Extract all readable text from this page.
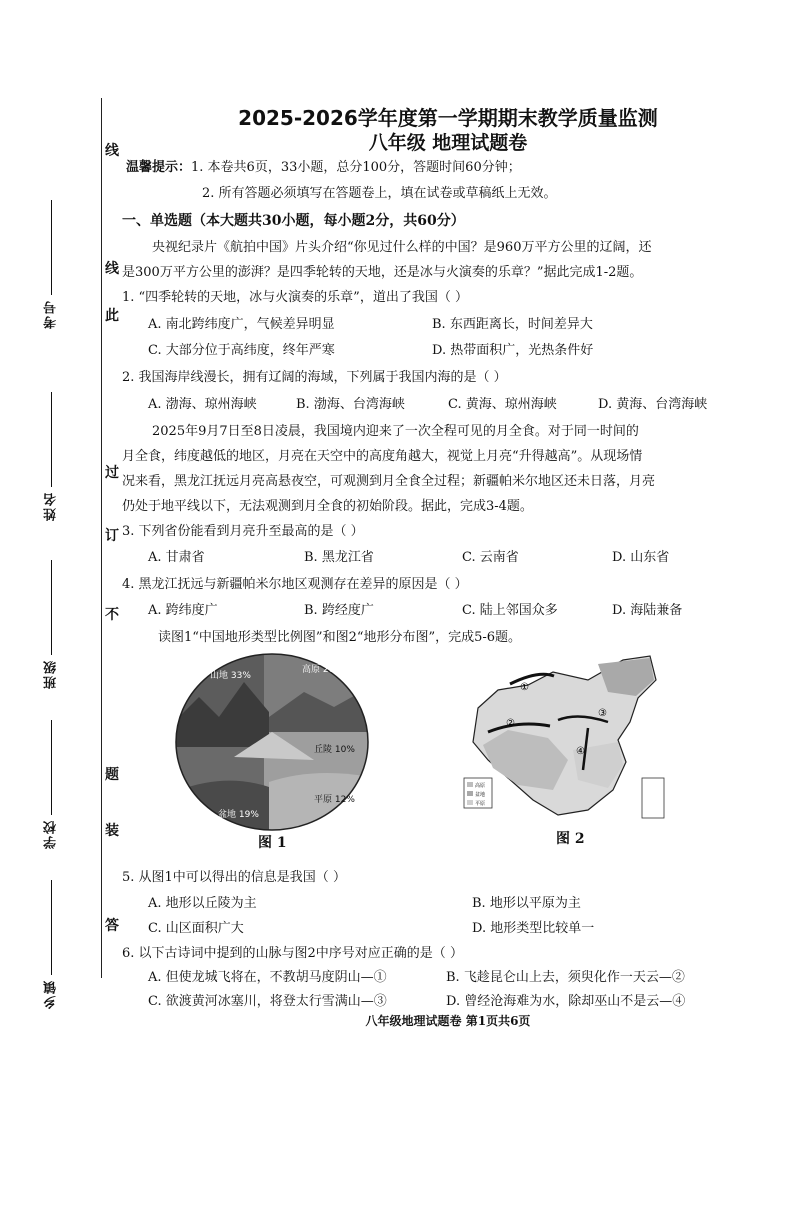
考号
姓名
班级
学校
乡镇
线
线
此
过
订
不
题
装
答
2025-2026学年度第一学期期末教学质量监测
八年级 地理试题卷
温馨提示：1. 本卷共6页，33小题，总分100分，答题时间60分钟；
2. 所有答题必须填写在答题卷上，填在试卷或草稿纸上无效。
一、单选题（本大题共30小题，每小题2分，共60分）
央视纪录片《航拍中国》片头介绍“你见过什么样的中国？是960万平方公里的辽阔，还
是300万平方公里的澎湃？是四季轮转的天地，还是冰与火演奏的乐章？”据此完成1-2题。
1. “四季轮转的天地，冰与火演奏的乐章”，道出了我国（ ）
A. 南北跨纬度广，气候差异明显	B. 东西距离长，时间差异大
C. 大部分位于高纬度，终年严寒	D. 热带面积广，光热条件好
2. 我国海岸线漫长，拥有辽阔的海域，下列属于我国内海的是（ ）
A. 渤海、琼州海峡	B. 渤海、台湾海峡	C. 黄海、琼州海峡	D. 黄海、台湾海峡
2025年9月7日至8日凌晨，我国境内迎来了一次全程可见的月全食。对于同一时间的
月全食，纬度越低的地区，月亮在天空中的高度角越大，视觉上月亮“升得越高”。从现场情
况来看，黑龙江抚远月亮高悬夜空，可观测到月全食全过程；新疆帕米尔地区还未日落，月亮
仍处于地平线以下，无法观测到月全食的初始阶段。据此，完成3-4题。
3. 下列省份能看到月亮升至最高的是（ ）
A. 甘肃省	B. 黑龙江省	C. 云南省	D. 山东省
4. 黑龙江抚远与新疆帕米尔地区观测存在差异的原因是（ ）
A. 跨纬度广	B. 跨经度广	C. 陆上邻国众多	D. 海陆兼备
读图1“中国地形类型比例图”和图2“地形分布图”，完成5-6题。
山地 33%
高原 26%
丘陵 10%
平原 12%
盆地 19%
图 1
①
②
③
④
高原
盆地
平原
图 2
5. 从图1中可以得出的信息是我国（ ）
A. 地形以丘陵为主	B. 地形以平原为主
C. 山区面积广大	D. 地形类型比较单一
6. 以下古诗词中提到的山脉与图2中序号对应正确的是（ ）
A. 但使龙城飞将在，不教胡马度阴山—①	B. 飞趁昆仑山上去，须臾化作一天云—②
C. 欲渡黄河冰塞川，将登太行雪满山—③	D. 曾经沧海难为水，除却巫山不是云—④
八年级地理试题卷 第1页共6页
